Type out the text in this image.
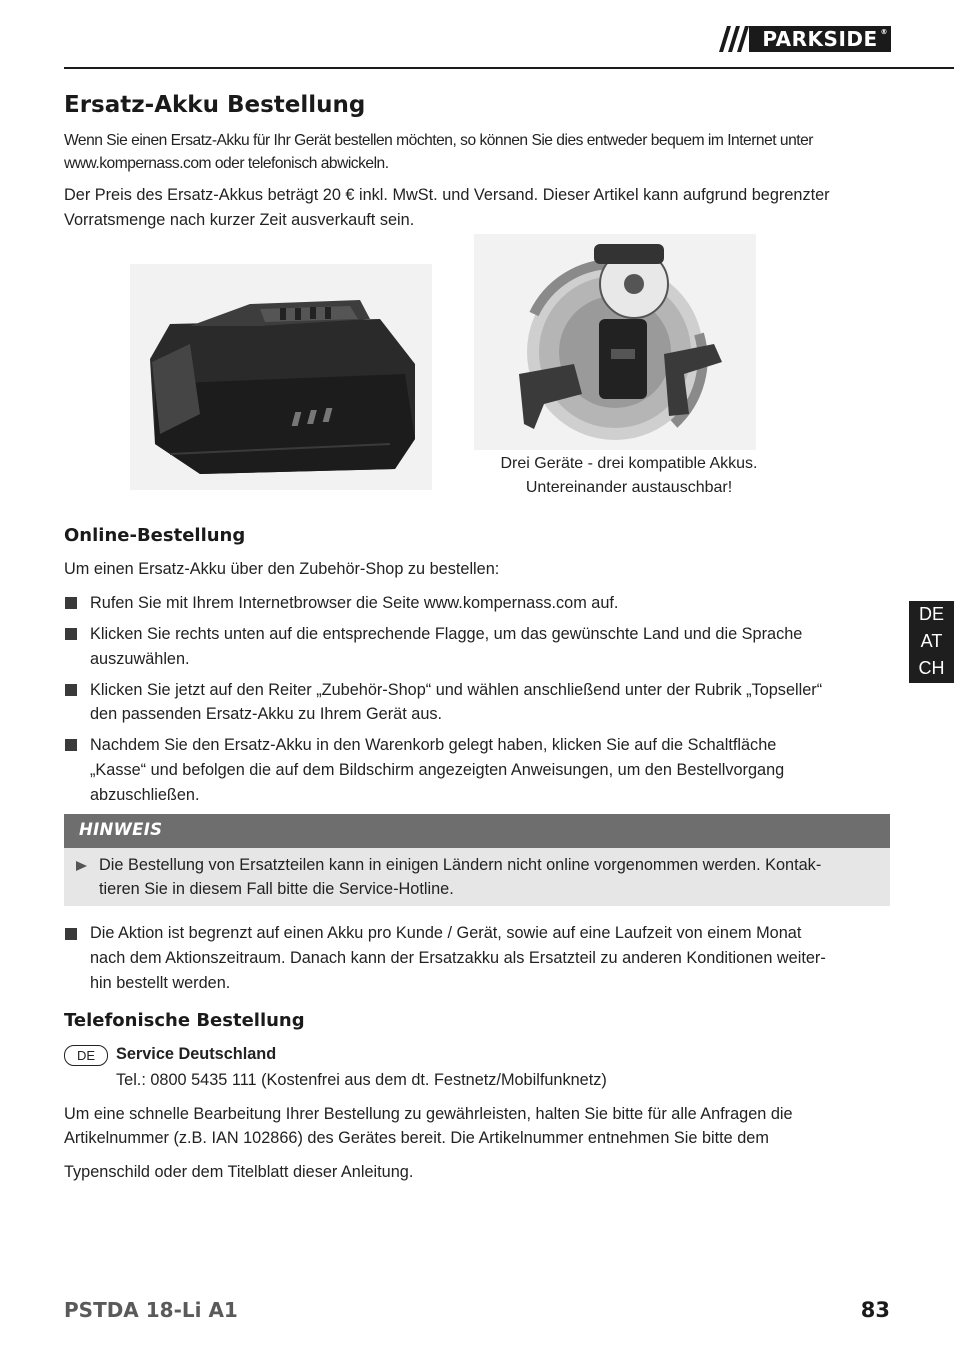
PARKSIDE ®
Ersatz-Akku Bestellung
Wenn Sie einen Ersatz-Akku für Ihr Gerät bestellen möchten, so können Sie dies entweder bequem im Internet unter
www.kompernass.com oder telefonisch abwickeln.
Der Preis des Ersatz-Akkus beträgt 20 € inkl. MwSt. und Versand. Dieser Artikel kann aufgrund begrenzter
Vorratsmenge nach kurzer Zeit ausverkauft sein.
Drei Geräte - drei kompatible Akkus.
Untereinander austauschbar!
Online-Bestellung
Um einen Ersatz-Akku über den Zubehör-Shop zu bestellen:
Rufen Sie mit Ihrem Internetbrowser die Seite www.kompernass.com auf.
Klicken Sie rechts unten auf die entsprechende Flagge, um das gewünschte Land und die Sprache
auszuwählen.
Klicken Sie jetzt auf den Reiter „Zubehör-Shop“ und wählen anschließend unter der Rubrik „Topseller“
den passenden Ersatz-Akku zu Ihrem Gerät aus.
Nachdem Sie den Ersatz-Akku in den Warenkorb gelegt haben, klicken Sie auf die Schaltfläche
„Kasse“ und befolgen die auf dem Bildschirm angezeigten Anweisungen, um den Bestellvorgang
abzuschließen.
DE
AT
CH
HINWEIS
Die Bestellung von Ersatzteilen kann in einigen Ländern nicht online vorgenommen werden. Kontak-
tieren Sie in diesem Fall bitte die Service-Hotline.
Die Aktion ist begrenzt auf einen Akku pro Kunde / Gerät, sowie auf eine Laufzeit von einem Monat
nach dem Aktionszeitraum. Danach kann der Ersatzakku als Ersatzteil zu anderen Konditionen weiter-
hin bestellt werden.
Telefonische Bestellung
DE	Service Deutschland
Tel.: 0800 5435 111 (Kostenfrei aus dem dt. Festnetz/Mobilfunknetz)
Um eine schnelle Bearbeitung Ihrer Bestellung zu gewährleisten, halten Sie bitte für alle Anfragen die
Artikelnummer (z.B. IAN 102866) des Gerätes bereit. Die Artikelnummer entnehmen Sie bitte dem
Typenschild oder dem Titelblatt dieser Anleitung.
PSTDA 18-Li A1	83
